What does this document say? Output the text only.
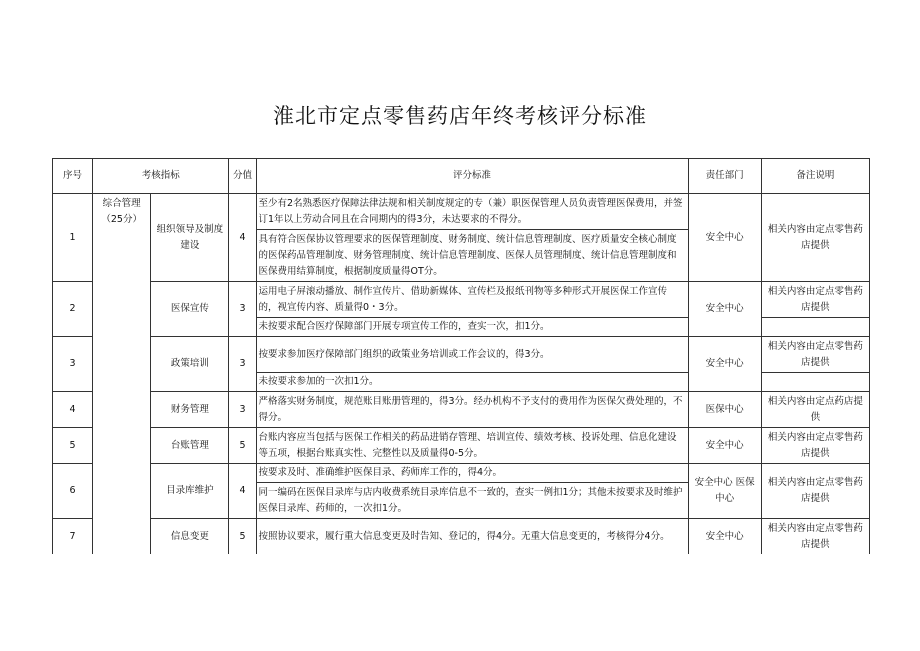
淮北市定点零售药店年终考核评分标准
序号	考核指标		分值	评分标准	责任部门	备注说明
1	综合管理（25分）	组织领导及制度建设	4	至少有2名熟悉医疗保障法律法规和相关制度规定的专（兼）职医保管理人员负责管理医保费用，并签订1年以上劳动合同且在合同期内的得3分，未达要求的不得分。	安全中心	相关内容由定点零售药店提供
				具有符合医保协议管理要求的医保管理制度、财务制度、统计信息管理制度、医疗质量安全核心制度的医保药品管理制度、财务管理制度、统计信息管理制度、医保人员管理制度、统计信息管理制度和医保费用结算制度，根据制度质量得OT分。		
2		医保宣传	3	运用电子屏滚动播放、制作宣传片、借助新媒体、宣传栏及报纸刊物等多种形式开展医保工作宣传的，视宣传内容、质量得0・3分。	安全中心	相关内容由定点零售药店提供
				未按要求配合医疗保障部门开展专项宣传工作的，查实一次，扣1分。		
3		政策培训	3	按要求参加医疗保障部门组织的政策业务培训或工作会议的，得3分。	安全中心	相关内容由定点零售药店提供
				未按要求参加的一次扣1分。		
4		财务管理	3	严格落实财务制度，规范账目账册管理的，得3分。经办机构不予支付的费用作为医保欠费处理的，不得分。	医保中心	相关内容由定点药店提供
5		台账管理	5	台账内容应当包括与医保工作相关的药品进销存管理、培训宣传、绩效考核、投诉处理、信息化建设等五项，根据台账真实性、完整性以及质量得0-5分。	安全中心	相关内容由定点零售药店提供
6		目录库维护	4	按要求及时、准确维护医保目录、药师库工作的，得4分。	安全中心 医保中心	相关内容由定点零售药店提供
				同一编码在医保目录库与店内收费系统目录库信息不一致的，查实一例扣1分；其他未按要求及时维护医保目录库、药师的，一次扣1分。		
7		信息变更	5	按照协议要求，履行重大信息变更及时告知、登记的，得4分。无重大信息变更的，考核得分4分。	安全中心	相关内容由定点零售药店提供
